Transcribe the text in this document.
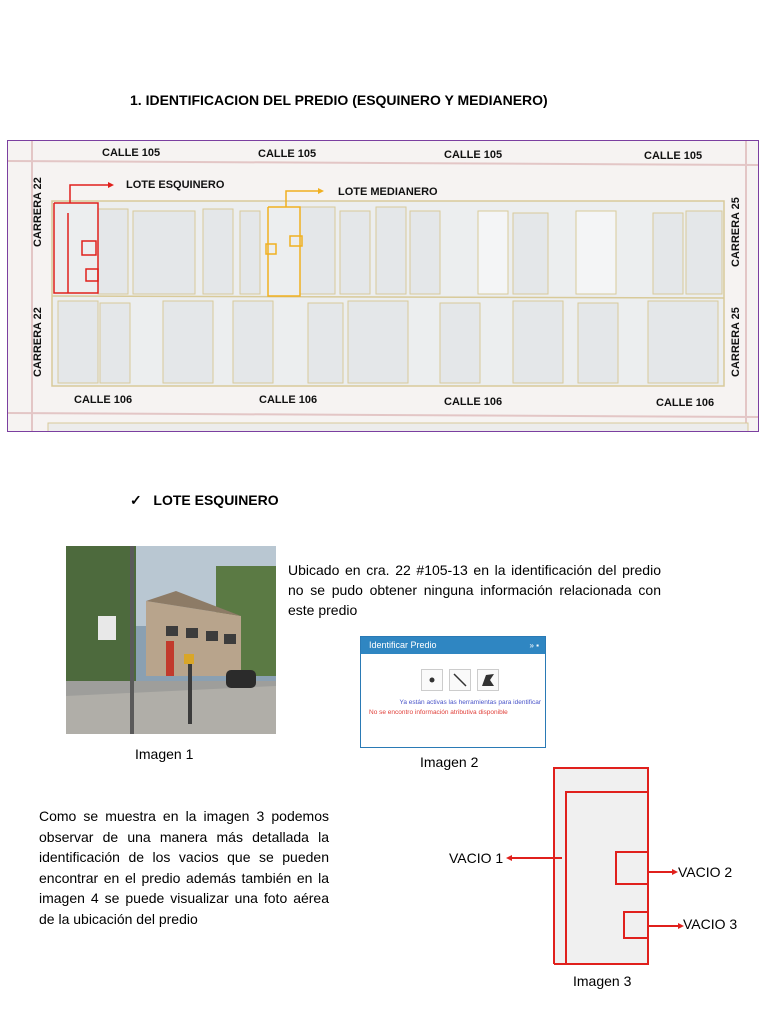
1. IDENTIFICACION DEL PREDIO (ESQUINERO Y MEDIANERO)
CALLE 105	CALLE 105	CALLE 105	CALLE 105
CALLE 106	CALLE 106	CALLE 106	CALLE 106
CARRERA 22
CARRERA 22
CARRERA 25
CARRERA 25
LOTE ESQUINERO
LOTE MEDIANERO
✓ LOTE ESQUINERO
Imagen 1
Ubicado en cra. 22 #105-13 en la identificación del predio no se pudo obtener ninguna información relacionada con este predio
Identificar Predio	» ▪
Ya están activas las herramientas para identificar
No se encontro información atributiva disponible
Imagen 2
Como se muestra en la imagen 3 podemos observar de una manera más detallada la identificación de los vacios que se pueden encontrar en el predio además también en la imagen 4 se puede visualizar una foto aérea de la ubicación del predio
VACIO 1
VACIO 2
VACIO 3
Imagen 3
